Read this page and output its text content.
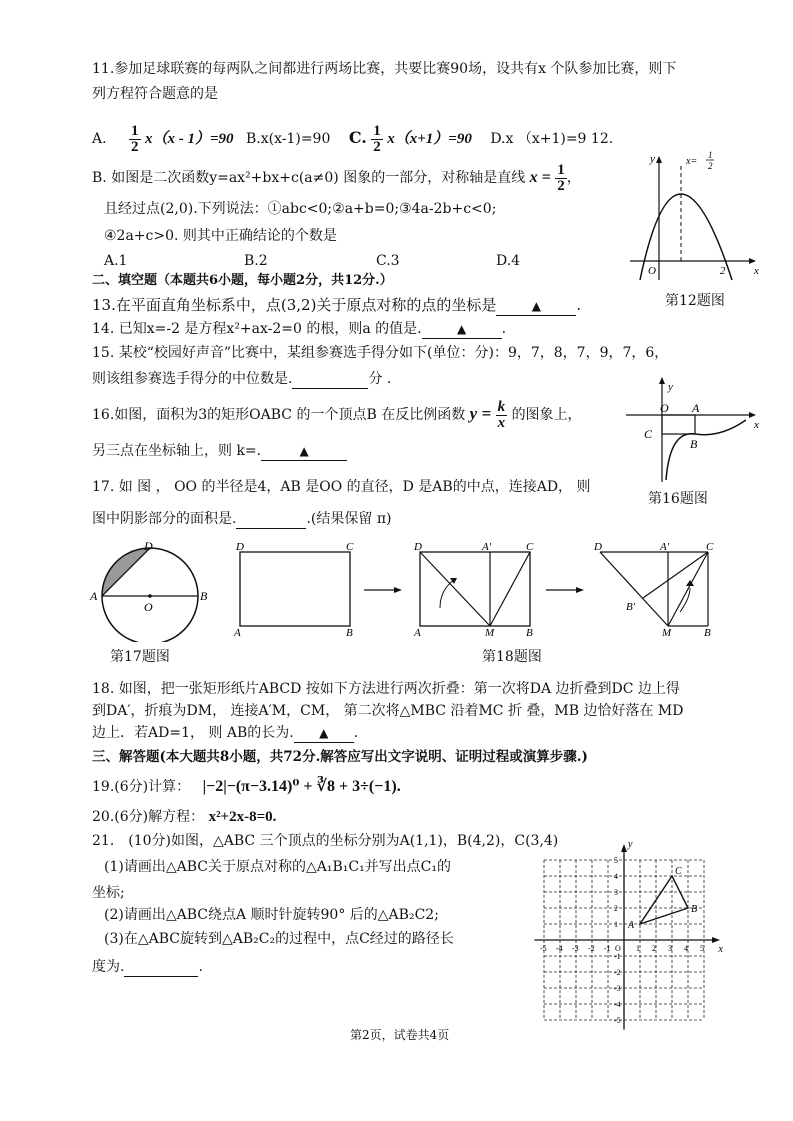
11.参加足球联赛的每两队之间都进行两场比赛，共要比赛90场，设共有x 个队参加比赛，则下
列方程符合题意的是
A. $\frac{1}{2} x(x - 1)=90$ B.x(x-1)=90 C. $\frac{1}{2} x(x+1)=90$ D.x （x+1)=9 12.
B. 如图是二次函数y=ax²+bx+c(a≠0) 图象的一部分，对称轴是直线 $x = \frac{1}{2}$ ，
且经过点(2,0).下列说法：①abc<0;②a+b=0;③4a-2b+c<0;
④2a+c>0. 则其中正确结论的个数是
A.1	B.2	C.3	D.4
y
x
O	2
x=
1
2
第12题图
二、填空题（本题共6小题，每小题2分，共12分.）
13.在平面直角坐标系中，点(3,2)关于原点对称的点的坐标是	▲ .
14. 已知x=-2 是方程x²+ax-2=0 的根，则a 的值是.	▲	.
15. 某校“校园好声音”比赛中，某组参赛选手得分如下(单位：分)：9，7，8，7，9，7，6，
则该组参赛选手得分的中位数是.	分 .
16.如图，面积为3的矩形OABC 的一个顶点B 在反比例函数 $y = \frac{k}{x}$ 的图象上，
另三点在坐标轴上，则 k=.	▲
y
x
O A
C
B
第16题图
17. 如 图 ， OO 的半径是4，AB 是OO 的直径，D 是AB的中点，连接AD， 则
图中阴影部分的面积是.	.(结果保留 π)
D
A
O
B
第17题图
D	C
A	B
D	A′	C
A	M	B
D	A′	C
B′
M	B
第18题图
18. 如图，把一张矩形纸片ABCD 按如下方法进行两次折叠：第一次将DA 边折叠到DC 边上得
到DA′，折痕为DM， 连接A′M，CM， 第二次将△MBC 沿着MC 折 叠，MB 边恰好落在 MD
边上．若AD=1， 则 AB的长为. ▲ .
三、解答题(本大题共8小题，共72分.解答应写出文字说明、证明过程或演算步骤.)
19.(6分)计算： |−2|−(π−3.14)⁰ + ∛8 + 3÷(−1).
20.(6分)解方程： x²+2x-8=0.
21． (10分)如图，△ABC 三个顶点的坐标分别为A(1,1)，B(4,2)，C(3,4)
(1)请画出△ABC关于原点对称的△A₁B₁C₁并写出点C₁的
坐标;
(2)请画出△ABC绕点A 顺时针旋转90° 后的△AB₂C2;
(3)在△ABC旋转到△AB₂C₂的过程中，点C经过的路径长
度为.	.
x
y
-5 -4 -3 -2 -1	1 2 3 4 5
5
4
3
2
1
-1
-2
-3
-4
-5
O
A
B
C
第2页，试卷共4页
